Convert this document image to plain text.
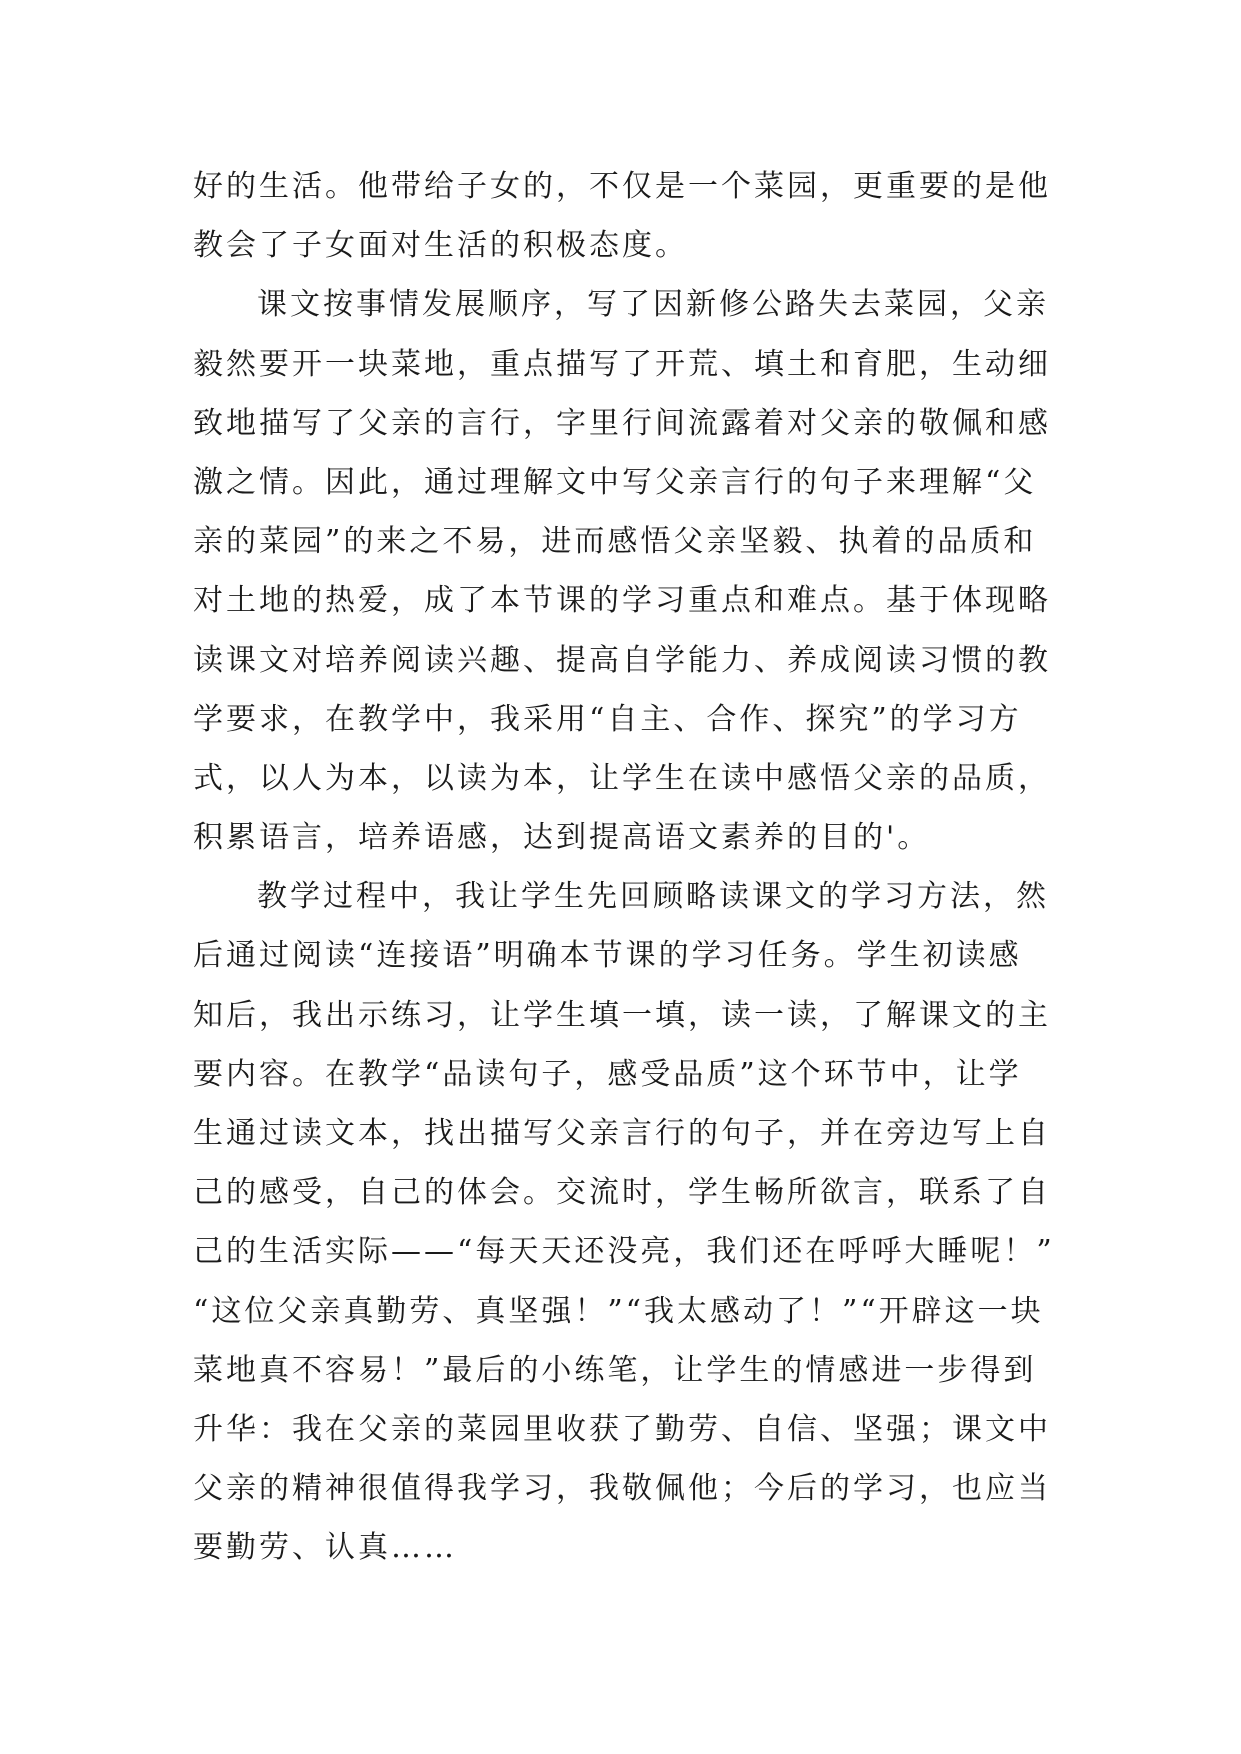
好的生活。他带给子女的，不仅是一个菜园，更重要的是他
教会了子女面对生活的积极态度。
课文按事情发展顺序，写了因新修公路失去菜园，父亲
毅然要开一块菜地，重点描写了开荒、填土和育肥，生动细
致地描写了父亲的言行，字里行间流露着对父亲的敬佩和感
激之情。因此，通过理解文中写父亲言行的句子来理解“父
亲的菜园”的来之不易，进而感悟父亲坚毅、执着的品质和
对土地的热爱，成了本节课的学习重点和难点。基于体现略
读课文对培养阅读兴趣、提高自学能力、养成阅读习惯的教
学要求，在教学中，我采用“自主、合作、探究”的学习方
式，以人为本，以读为本，让学生在读中感悟父亲的品质，
积累语言，培养语感，达到提高语文素养的目的'。
教学过程中，我让学生先回顾略读课文的学习方法，然
后通过阅读“连接语”明确本节课的学习任务。学生初读感
知后，我出示练习，让学生填一填，读一读，了解课文的主
要内容。在教学“品读句子，感受品质”这个环节中，让学
生通过读文本，找出描写父亲言行的句子，并在旁边写上自
己的感受，自己的体会。交流时，学生畅所欲言，联系了自
己的生活实际——“每天天还没亮，我们还在呼呼大睡呢！”
“这位父亲真勤劳、真坚强！”“我太感动了！”“开辟这一块
菜地真不容易！”最后的小练笔，让学生的情感进一步得到
升华：我在父亲的菜园里收获了勤劳、自信、坚强；课文中
父亲的精神很值得我学习，我敬佩他；今后的学习，也应当
要勤劳、认真……
